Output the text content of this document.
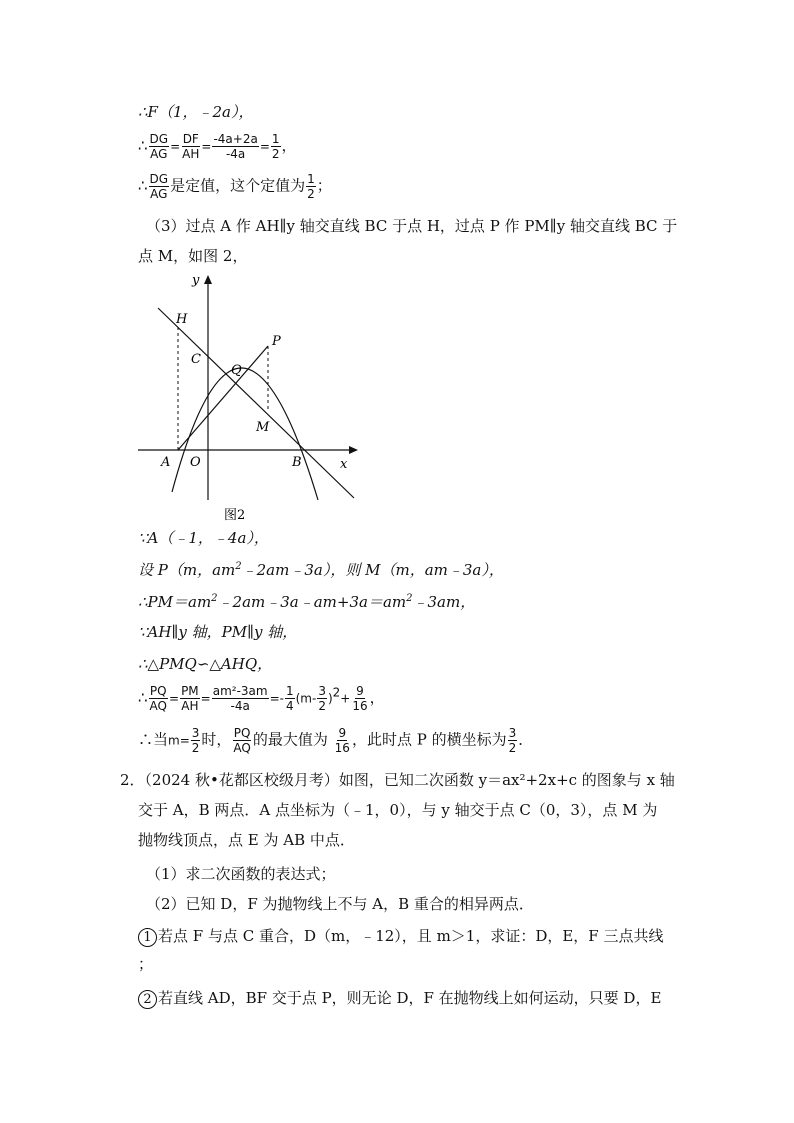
∴F（1，﹣2a），
∴ $\frac{DG}{AG} = \frac{DF}{AH} = \frac{-4a+2a}{-4a} = \frac{1}{2}$ ，
∴ $\frac{DG}{AG}$ 是定值，这个定值为 $\frac{1}{2}$ ；
（3）过点 A 作 AH∥y 轴交直线 BC 于点 H，过点 P 作 PM∥y 轴交直线 BC 于
点 M，如图 2，
y
x
H
C
Q
P
M
A O	B
图2
∵A（﹣1，﹣4a），
设 P（m，$am^2﹣2am﹣3a$），则 M（m，am﹣3a），
$\therefore PM=am^2﹣2am﹣3a﹣am+3a=am^2﹣3am$，
∵AH∥y 轴，PM∥y 轴，
∴△PMQ∽△AHQ，
∴ $\frac{PQ}{AQ} = \frac{PM}{AH} = \frac{\text{am²-3am}}{-4a} =- \frac{1}{4} (m- \frac{3}{2} )^2+ \frac{9}{16}$ ，
∴当$m= \frac{3}{2}$ 时， $\frac{PQ}{AQ}$ 的最大值为 $\frac{9}{16}$ ，此时点 P 的横坐标为 $\frac{3}{2}$ ．
2．（2024 秋•花都区校级月考）如图，已知二次函数 y＝ax²+2x+c 的图象与 x 轴
交于 A，B 两点．A 点坐标为（﹣1，0），与 y 轴交于点 C（0，3），点 M 为
抛物线顶点，点 E 为 AB 中点．
（1）求二次函数的表达式；
（2）已知 D，F 为抛物线上不与 A，B 重合的相异两点．
1 若点 F 与点 C 重合，D（m，﹣12），且 m＞1，求证：D，E，F 三点共线
；
2 若直线 AD，BF 交于点 P，则无论 D，F 在抛物线上如何运动，只要 D，E
